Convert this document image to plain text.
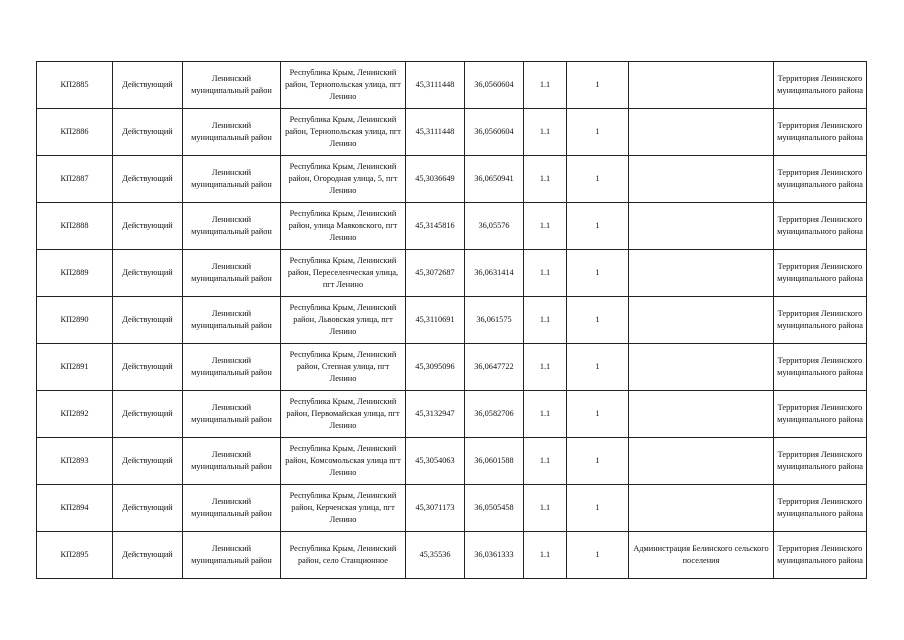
КП2885	Действующий	Ленинский муниципальный район	Республика Крым, Ленинский район, Тернопольская улица, пгт Ленино	45,3111448	36,0560604	1.1	1		Территория Ленинского муниципального района
КП2886	Действующий	Ленинский муниципальный район	Республика Крым, Ленинский район, Тернопольская улица, пгт Ленино	45,3111448	36,0560604	1.1	1		Территория Ленинского муниципального района
КП2887	Действующий	Ленинский муниципальный район	Республика Крым, Ленинский район, Огородная улица, 5, пгт Ленино	45,3036649	36,0650941	1.1	1		Территория Ленинского муниципального района
КП2888	Действующий	Ленинский муниципальный район	Республика Крым, Ленинский район, улица Маяковского, пгт Ленино	45,3145816	36,05576	1.1	1		Территория Ленинского муниципального района
КП2889	Действующий	Ленинский муниципальный район	Республика Крым, Ленинский район, Переселенческая улица, пгт Ленино	45,3072687	36,0631414	1.1	1		Территория Ленинского муниципального района
КП2890	Действующий	Ленинский муниципальный район	Республика Крым, Ленинский район, Львовская улица, пгт Ленино	45,3110691	36,061575	1.1	1		Территория Ленинского муниципального района
КП2891	Действующий	Ленинский муниципальный район	Республика Крым, Ленинский район, Степная улица, пгт Ленино	45,3095096	36,0647722	1.1	1		Территория Ленинского муниципального района
КП2892	Действующий	Ленинский муниципальный район	Республика Крым, Ленинский район, Первомайская улица, пгт Ленино	45,3132947	36,0582706	1.1	1		Территория Ленинского муниципального района
КП2893	Действующий	Ленинский муниципальный район	Республика Крым, Ленинский район, Комсомольская улица пгт Ленино	45,3054063	36,0601588	1.1	1		Территория Ленинского муниципального района
КП2894	Действующий	Ленинский муниципальный район	Республика Крым, Ленинский район, Керченская улица, пгт Ленино	45,3071173	36,0505458	1.1	1		Территория Ленинского муниципального района
КП2895	Действующий	Ленинский муниципальный район	Республика Крым, Ленинский район, село Станционное	45,35536	36,0361333	1.1	1	Администрация Белинского сельского поселения	Территория Ленинского муниципального района
